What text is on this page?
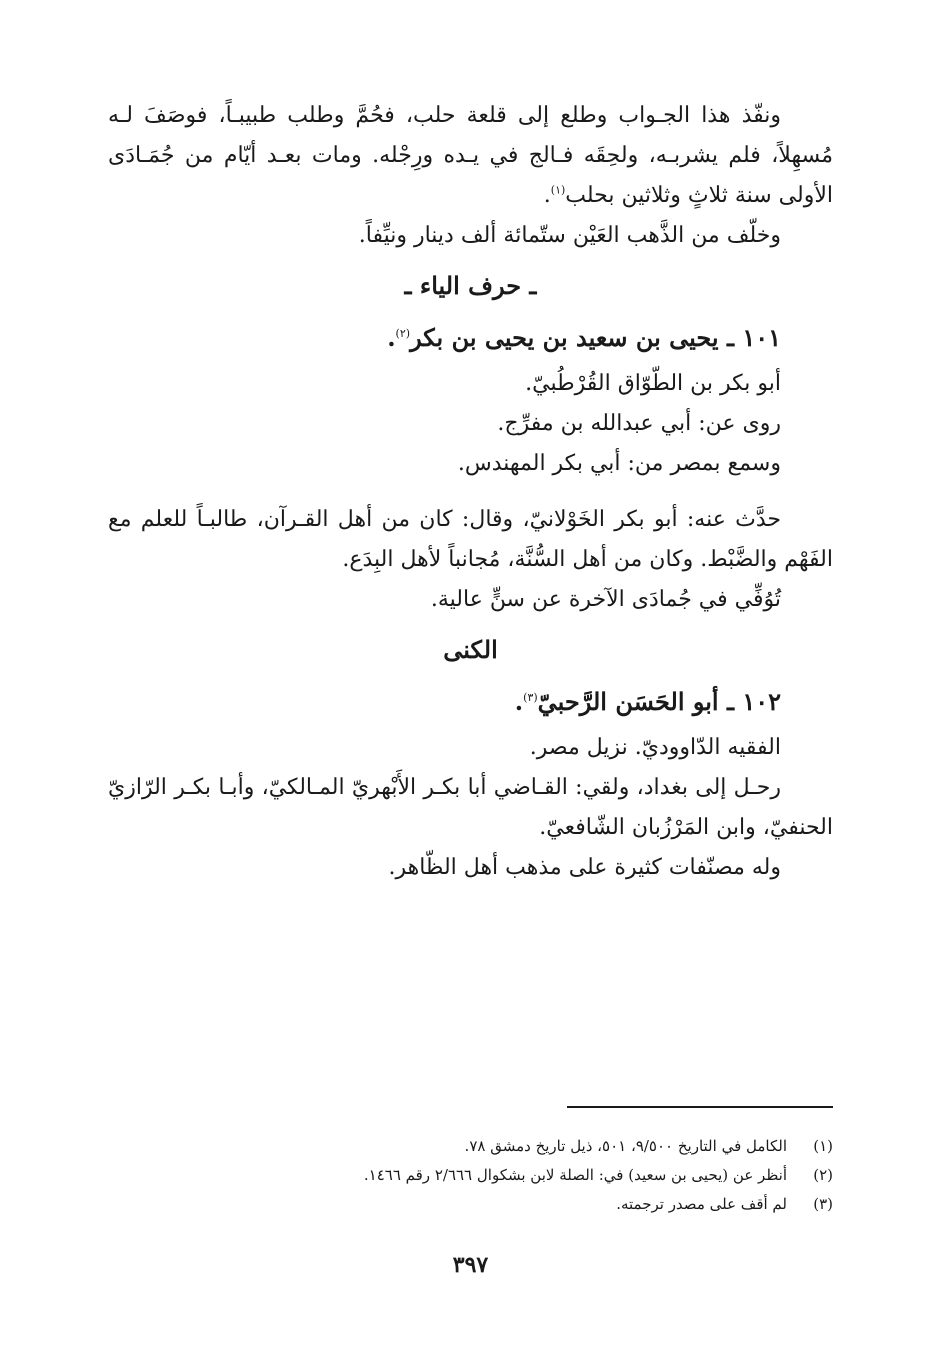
ونفّذ هذا الجـواب وطلع إلى قلعة حلب، فحُمَّ وطلب طبيبـاً، فوصَفَ لـه مُسهِلاً، فلم يشربـه، ولحِقَه فـالج في يـده ورِجْله. ومات بعـد أيّام من جُمَـادَى الأولى سنة ثلاثٍ وثلاثين بحلب$^{(١)}$.

وخلّف من الذَّهب العَيْن ستّمائة ألف دينار ونيِّفاً.

ـ حرف الياء ـ
١٠١ ـ يحيى بن سعيد بن يحيى بن بكر$^{(٢)}$.

أبو بكر بن الطّوّاق القُرْطُبيّ.

روى عن: أبي عبدالله بن مفرِّج.

وسمع بمصر من: أبي بكر المهندس.

حدَّث عنه: أبو بكر الخَوْلانيّ، وقال: كان من أهل القـرآن، طالبـاً للعلم مع الفَهْم والضَّبْط. وكان من أهل السُّنَّة، مُجانباً لأهل البِدَع.

تُوُفِّي في جُمادَى الآخرة عن سنٍّ عالية.

الكنى
١٠٢ ـ أبو الحَسَن الرَّحبيّ$^{(٣)}$.

الفقيه الدّاووديّ. نزيل مصر.

رحـل إلى بغداد، ولقي: القـاضي أبا بكـر الأَبْهريّ المـالكيّ، وأبـا بكـر الرّازيّ الحنفيّ، وابن المَرْزُبان الشّافعيّ.

وله مصنّفات كثيرة على مذهب أهل الظّاهر.

(١)
الكامل في التاريخ ٩/٥٠٠، ٥٠١، ذيل تاريخ دمشق ٧٨.
(٢)
أنظر عن (يحيى بن سعيد) في: الصلة لابن بشكوال ٢/٦٦٦ رقم ١٤٦٦.
(٣)
لم أقف على مصدر ترجمته.
٣٩٧
